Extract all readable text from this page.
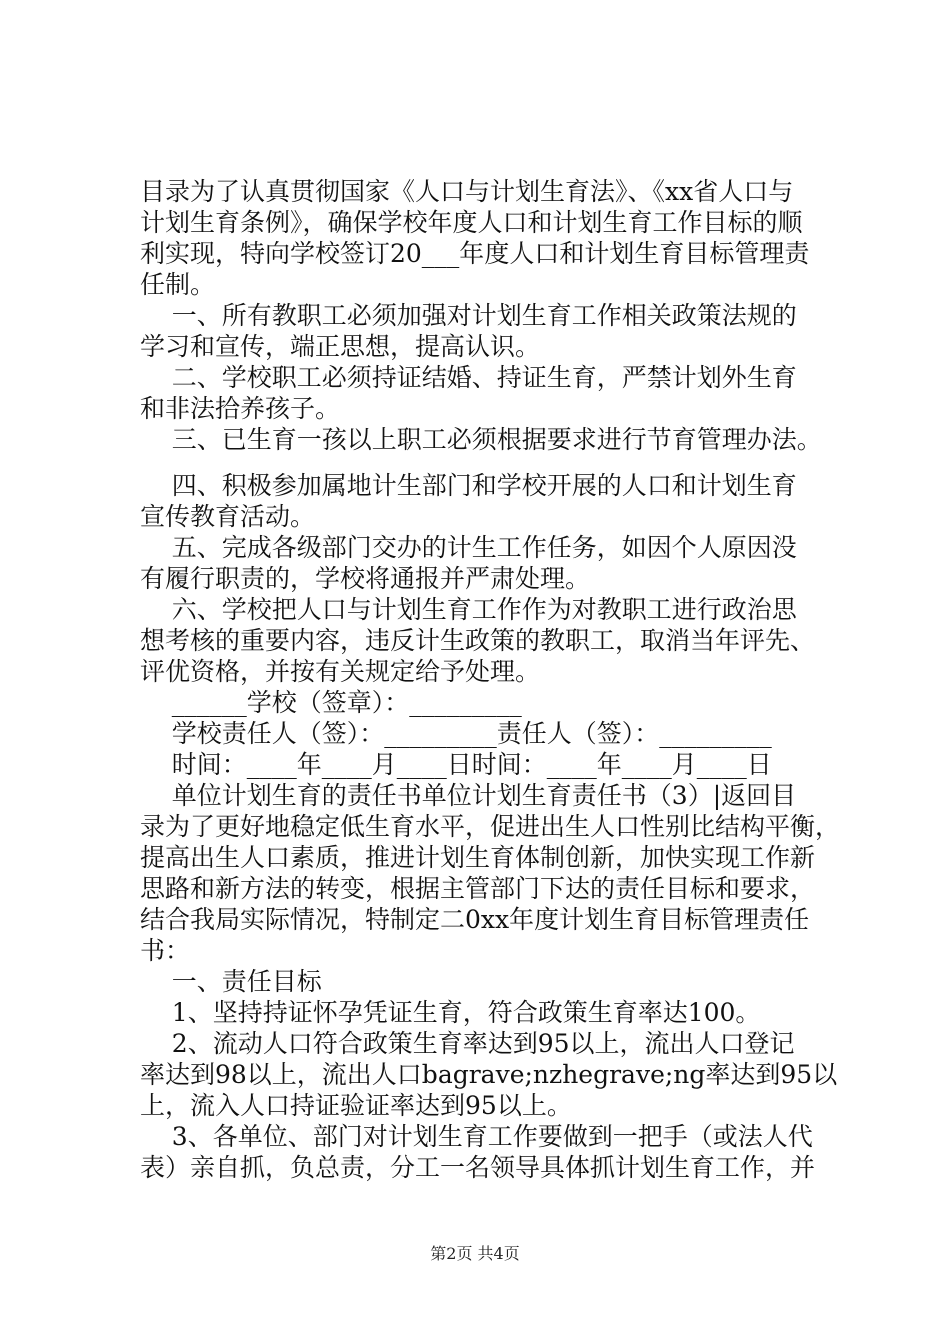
目录为了认真贯彻国家《人口与计划生育法》、《xx省人口与
计划生育条例》，确保学校年度人口和计划生育工作目标的顺
利实现，特向学校签订20___年度人口和计划生育目标管理责
任制。
一、所有教职工必须加强对计划生育工作相关政策法规的
学习和宣传，端正思想，提高认识。
二、学校职工必须持证结婚、持证生育，严禁计划外生育
和非法拾养孩子。
三、已生育一孩以上职工必须根据要求进行节育管理办法。
四、积极参加属地计生部门和学校开展的人口和计划生育
宣传教育活动。
五、完成各级部门交办的计生工作任务，如因个人原因没
有履行职责的，学校将通报并严肃处理。
六、学校把人口与计划生育工作作为对教职工进行政治思
想考核的重要内容，违反计生政策的教职工，取消当年评先、
评优资格，并按有关规定给予处理。
______学校（签章）：_________
学校责任人（签）：_________责任人（签）：_________
时间：____年____月____日时间：____年____月____日
单位计划生育的责任书单位计划生育责任书（3）|返回目
录为了更好地稳定低生育水平，促进出生人口性别比结构平衡，
提高出生人口素质，推进计划生育体制创新，加快实现工作新
思路和新方法的转变，根据主管部门下达的责任目标和要求，
结合我局实际情况，特制定二0xx年度计划生育目标管理责任
书：
一、责任目标
1、坚持持证怀孕凭证生育，符合政策生育率达100。
2、流动人口符合政策生育率达到95以上，流出人口登记
率达到98以上，流出人口bagrave;nzhegrave;ng率达到95以
上，流入人口持证验证率达到95以上。
3、各单位、部门对计划生育工作要做到一把手（或法人代
表）亲自抓，负总责，分工一名领导具体抓计划生育工作，并
第2页 共4页
